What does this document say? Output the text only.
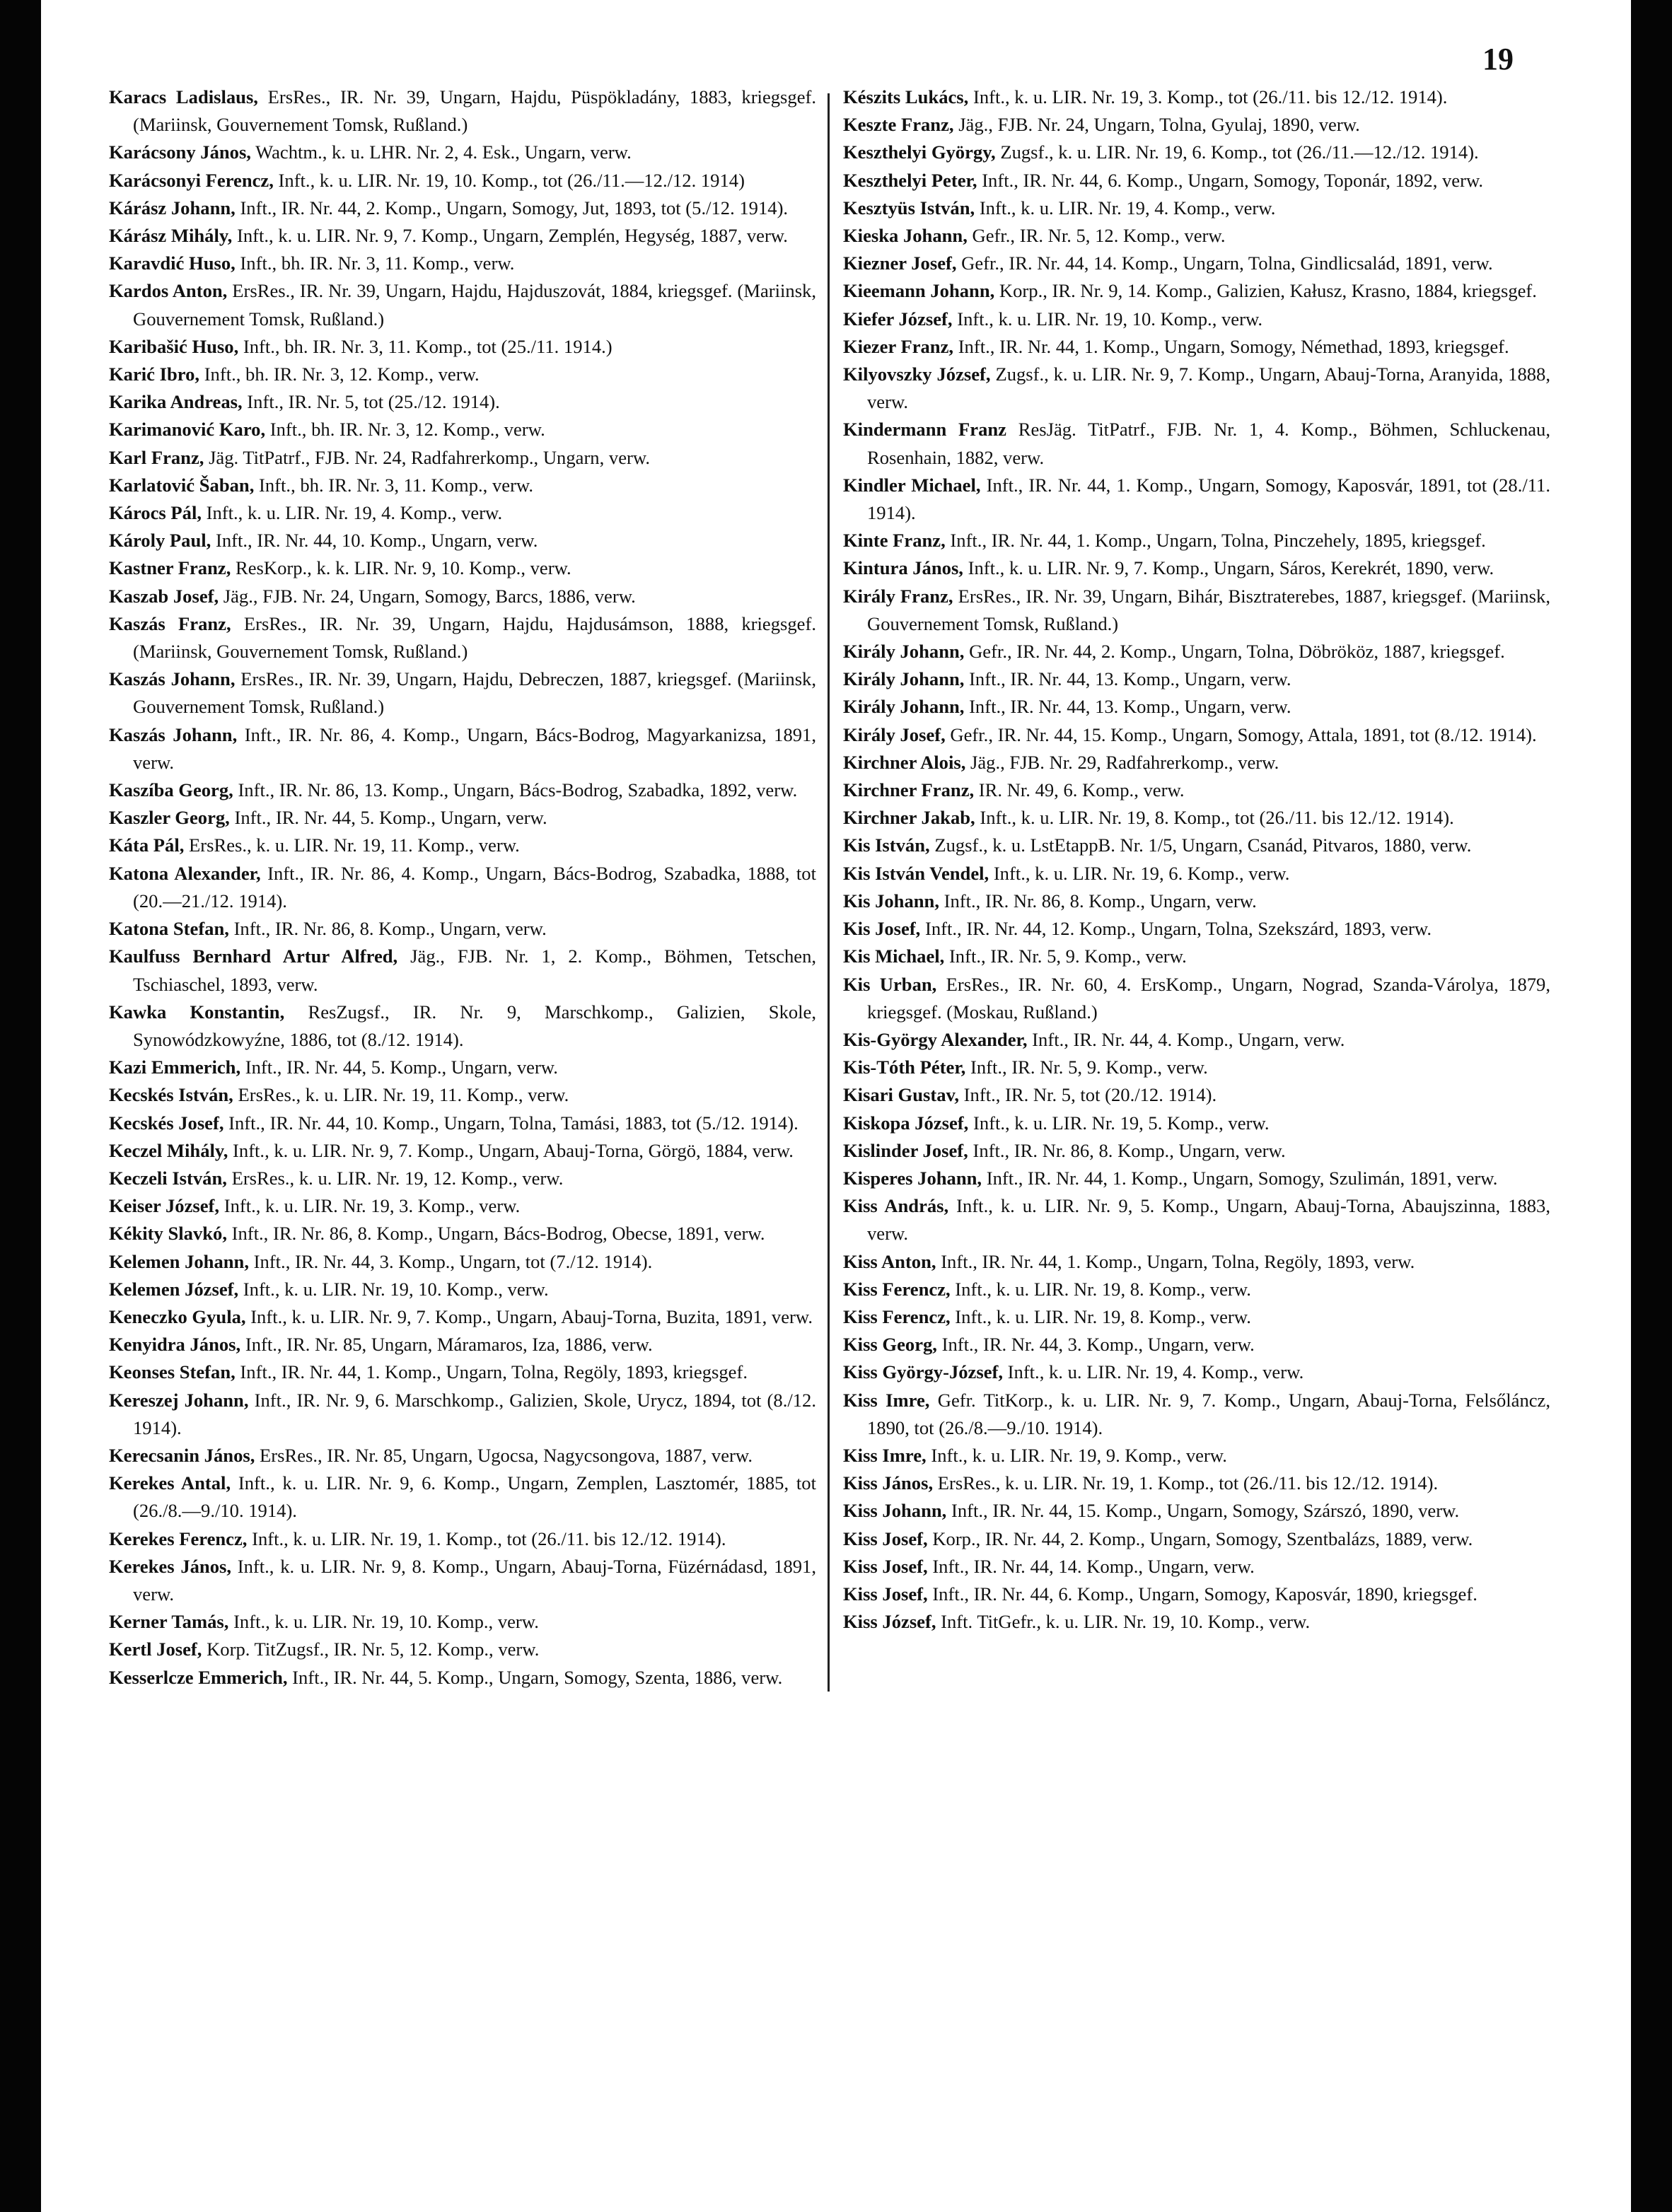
19

Karacs Ladislaus, ErsRes., IR. Nr. 39, Ungarn, Hajdu, Püspökladány, 1883, kriegsgef. (Mariinsk, Gouvernement Tomsk, Rußland.)

Karácsony János, Wachtm., k. u. LHR. Nr. 2, 4. Esk., Ungarn, verw.

Karácsonyi Ferencz, Inft., k. u. LIR. Nr. 19, 10. Komp., tot (26./11.—12./12. 1914)

Kárász Johann, Inft., IR. Nr. 44, 2. Komp., Ungarn, Somogy, Jut, 1893, tot (5./12. 1914).

Kárász Mihály, Inft., k. u. LIR. Nr. 9, 7. Komp., Ungarn, Zemplén, Hegység, 1887, verw.

Karavdić Huso, Inft., bh. IR. Nr. 3, 11. Komp., verw.

Kardos Anton, ErsRes., IR. Nr. 39, Ungarn, Hajdu, Hajduszovát, 1884, kriegsgef. (Mariinsk, Gouvernement Tomsk, Rußland.)

Karibašić Huso, Inft., bh. IR. Nr. 3, 11. Komp., tot (25./11. 1914.)

Karić Ibro, Inft., bh. IR. Nr. 3, 12. Komp., verw.

Karika Andreas, Inft., IR. Nr. 5, tot (25./12. 1914).

Karimanović Karo, Inft., bh. IR. Nr. 3, 12. Komp., verw.

Karl Franz, Jäg. TitPatrf., FJB. Nr. 24, Radfahrerkomp., Ungarn, verw.

Karlatović Šaban, Inft., bh. IR. Nr. 3, 11. Komp., verw.

Károcs Pál, Inft., k. u. LIR. Nr. 19, 4. Komp., verw.

Károly Paul, Inft., IR. Nr. 44, 10. Komp., Ungarn, verw.

Kastner Franz, ResKorp., k. k. LIR. Nr. 9, 10. Komp., verw.

Kaszab Josef, Jäg., FJB. Nr. 24, Ungarn, Somogy, Barcs, 1886, verw.

Kaszás Franz, ErsRes., IR. Nr. 39, Ungarn, Hajdu, Hajdusámson, 1888, kriegsgef. (Mariinsk, Gouvernement Tomsk, Rußland.)

Kaszás Johann, ErsRes., IR. Nr. 39, Ungarn, Hajdu, Debreczen, 1887, kriegsgef. (Mariinsk, Gouvernement Tomsk, Rußland.)

Kaszás Johann, Inft., IR. Nr. 86, 4. Komp., Ungarn, Bács-Bodrog, Magyarkanizsa, 1891, verw.

Kaszíba Georg, Inft., IR. Nr. 86, 13. Komp., Ungarn, Bács-Bodrog, Szabadka, 1892, verw.

Kaszler Georg, Inft., IR. Nr. 44, 5. Komp., Ungarn, verw.

Káta Pál, ErsRes., k. u. LIR. Nr. 19, 11. Komp., verw.

Katona Alexander, Inft., IR. Nr. 86, 4. Komp., Ungarn, Bács-Bodrog, Szabadka, 1888, tot (20.—21./12. 1914).

Katona Stefan, Inft., IR. Nr. 86, 8. Komp., Ungarn, verw.

Kaulfuss Bernhard Artur Alfred, Jäg., FJB. Nr. 1, 2. Komp., Böhmen, Tetschen, Tschiaschel, 1893, verw.

Kawka Konstantin, ResZugsf., IR. Nr. 9, Marschkomp., Galizien, Skole, Synowódzkowyźne, 1886, tot (8./12. 1914).

Kazi Emmerich, Inft., IR. Nr. 44, 5. Komp., Ungarn, verw.

Kecskés István, ErsRes., k. u. LIR. Nr. 19, 11. Komp., verw.

Kecskés Josef, Inft., IR. Nr. 44, 10. Komp., Ungarn, Tolna, Tamási, 1883, tot (5./12. 1914).

Keczel Mihály, Inft., k. u. LIR. Nr. 9, 7. Komp., Ungarn, Abauj-Torna, Görgö, 1884, verw.

Keczeli István, ErsRes., k. u. LIR. Nr. 19, 12. Komp., verw.

Keiser József, Inft., k. u. LIR. Nr. 19, 3. Komp., verw.

Kékity Slavkó, Inft., IR. Nr. 86, 8. Komp., Ungarn, Bács-Bodrog, Obecse, 1891, verw.

Kelemen Johann, Inft., IR. Nr. 44, 3. Komp., Ungarn, tot (7./12. 1914).

Kelemen József, Inft., k. u. LIR. Nr. 19, 10. Komp., verw.

Keneczko Gyula, Inft., k. u. LIR. Nr. 9, 7. Komp., Ungarn, Abauj-Torna, Buzita, 1891, verw.

Kenyidra János, Inft., IR. Nr. 85, Ungarn, Máramaros, Iza, 1886, verw.

Keonses Stefan, Inft., IR. Nr. 44, 1. Komp., Ungarn, Tolna, Regöly, 1893, kriegsgef.

Kereszej Johann, Inft., IR. Nr. 9, 6. Marschkomp., Galizien, Skole, Urycz, 1894, tot (8./12. 1914).

Kerecsanin János, ErsRes., IR. Nr. 85, Ungarn, Ugocsa, Nagycsongova, 1887, verw.

Kerekes Antal, Inft., k. u. LIR. Nr. 9, 6. Komp., Ungarn, Zemplen, Lasztomér, 1885, tot (26./8.—9./10. 1914).

Kerekes Ferencz, Inft., k. u. LIR. Nr. 19, 1. Komp., tot (26./11. bis 12./12. 1914).

Kerekes János, Inft., k. u. LIR. Nr. 9, 8. Komp., Ungarn, Abauj-Torna, Füzérnádasd, 1891, verw.

Kerner Tamás, Inft., k. u. LIR. Nr. 19, 10. Komp., verw.

Kertl Josef, Korp. TitZugsf., IR. Nr. 5, 12. Komp., verw.

Kesserlcze Emmerich, Inft., IR. Nr. 44, 5. Komp., Ungarn, Somogy, Szenta, 1886, verw.

Készits Lukács, Inft., k. u. LIR. Nr. 19, 3. Komp., tot (26./11. bis 12./12. 1914).

Keszte Franz, Jäg., FJB. Nr. 24, Ungarn, Tolna, Gyulaj, 1890, verw.

Keszthelyi György, Zugsf., k. u. LIR. Nr. 19, 6. Komp., tot (26./11.—12./12. 1914).

Keszthelyi Peter, Inft., IR. Nr. 44, 6. Komp., Ungarn, Somogy, Toponár, 1892, verw.

Kesztyüs István, Inft., k. u. LIR. Nr. 19, 4. Komp., verw.

Kieska Johann, Gefr., IR. Nr. 5, 12. Komp., verw.

Kiezner Josef, Gefr., IR. Nr. 44, 14. Komp., Ungarn, Tolna, Gindlicsalád, 1891, verw.

Kieemann Johann, Korp., IR. Nr. 9, 14. Komp., Galizien, Kałusz, Krasno, 1884, kriegsgef.

Kiefer József, Inft., k. u. LIR. Nr. 19, 10. Komp., verw.

Kiezer Franz, Inft., IR. Nr. 44, 1. Komp., Ungarn, Somogy, Némethad, 1893, kriegsgef.

Kilyovszky József, Zugsf., k. u. LIR. Nr. 9, 7. Komp., Ungarn, Abauj-Torna, Aranyida, 1888, verw.

Kindermann Franz ResJäg. TitPatrf., FJB. Nr. 1, 4. Komp., Böhmen, Schluckenau, Rosenhain, 1882, verw.

Kindler Michael, Inft., IR. Nr. 44, 1. Komp., Ungarn, Somogy, Kaposvár, 1891, tot (28./11. 1914).

Kinte Franz, Inft., IR. Nr. 44, 1. Komp., Ungarn, Tolna, Pinczehely, 1895, kriegsgef.

Kintura János, Inft., k. u. LIR. Nr. 9, 7. Komp., Ungarn, Sáros, Kerekrét, 1890, verw.

Király Franz, ErsRes., IR. Nr. 39, Ungarn, Bihár, Bisztraterebes, 1887, kriegsgef. (Mariinsk, Gouvernement Tomsk, Rußland.)

Király Johann, Gefr., IR. Nr. 44, 2. Komp., Ungarn, Tolna, Döbrököz, 1887, kriegsgef.

Király Johann, Inft., IR. Nr. 44, 13. Komp., Ungarn, verw.

Király Johann, Inft., IR. Nr. 44, 13. Komp., Ungarn, verw.

Király Josef, Gefr., IR. Nr. 44, 15. Komp., Ungarn, Somogy, Attala, 1891, tot (8./12. 1914).

Kirchner Alois, Jäg., FJB. Nr. 29, Radfahrerkomp., verw.

Kirchner Franz, IR. Nr. 49, 6. Komp., verw.

Kirchner Jakab, Inft., k. u. LIR. Nr. 19, 8. Komp., tot (26./11. bis 12./12. 1914).

Kis István, Zugsf., k. u. LstEtappB. Nr. 1/5, Ungarn, Csanád, Pitvaros, 1880, verw.

Kis István Vendel, Inft., k. u. LIR. Nr. 19, 6. Komp., verw.

Kis Johann, Inft., IR. Nr. 86, 8. Komp., Ungarn, verw.

Kis Josef, Inft., IR. Nr. 44, 12. Komp., Ungarn, Tolna, Szekszárd, 1893, verw.

Kis Michael, Inft., IR. Nr. 5, 9. Komp., verw.

Kis Urban, ErsRes., IR. Nr. 60, 4. ErsKomp., Ungarn, Nograd, Szanda-Várolya, 1879, kriegsgef. (Moskau, Rußland.)

Kis-György Alexander, Inft., IR. Nr. 44, 4. Komp., Ungarn, verw.

Kis-Tóth Péter, Inft., IR. Nr. 5, 9. Komp., verw.

Kisari Gustav, Inft., IR. Nr. 5, tot (20./12. 1914).

Kiskopa József, Inft., k. u. LIR. Nr. 19, 5. Komp., verw.

Kislinder Josef, Inft., IR. Nr. 86, 8. Komp., Ungarn, verw.

Kisperes Johann, Inft., IR. Nr. 44, 1. Komp., Ungarn, Somogy, Szulimán, 1891, verw.

Kiss András, Inft., k. u. LIR. Nr. 9, 5. Komp., Ungarn, Abauj-Torna, Abaujszinna, 1883, verw.

Kiss Anton, Inft., IR. Nr. 44, 1. Komp., Ungarn, Tolna, Regöly, 1893, verw.

Kiss Ferencz, Inft., k. u. LIR. Nr. 19, 8. Komp., verw.

Kiss Ferencz, Inft., k. u. LIR. Nr. 19, 8. Komp., verw.

Kiss Georg, Inft., IR. Nr. 44, 3. Komp., Ungarn, verw.

Kiss György-József, Inft., k. u. LIR. Nr. 19, 4. Komp., verw.

Kiss Imre, Gefr. TitKorp., k. u. LIR. Nr. 9, 7. Komp., Ungarn, Abauj-Torna, Felsőláncz, 1890, tot (26./8.—9./10. 1914).

Kiss Imre, Inft., k. u. LIR. Nr. 19, 9. Komp., verw.

Kiss János, ErsRes., k. u. LIR. Nr. 19, 1. Komp., tot (26./11. bis 12./12. 1914).

Kiss Johann, Inft., IR. Nr. 44, 15. Komp., Ungarn, Somogy, Szárszó, 1890, verw.

Kiss Josef, Korp., IR. Nr. 44, 2. Komp., Ungarn, Somogy, Szentbalázs, 1889, verw.

Kiss Josef, Inft., IR. Nr. 44, 14. Komp., Ungarn, verw.

Kiss Josef, Inft., IR. Nr. 44, 6. Komp., Ungarn, Somogy, Kaposvár, 1890, kriegsgef.

Kiss József, Inft. TitGefr., k. u. LIR. Nr. 19, 10. Komp., verw.
